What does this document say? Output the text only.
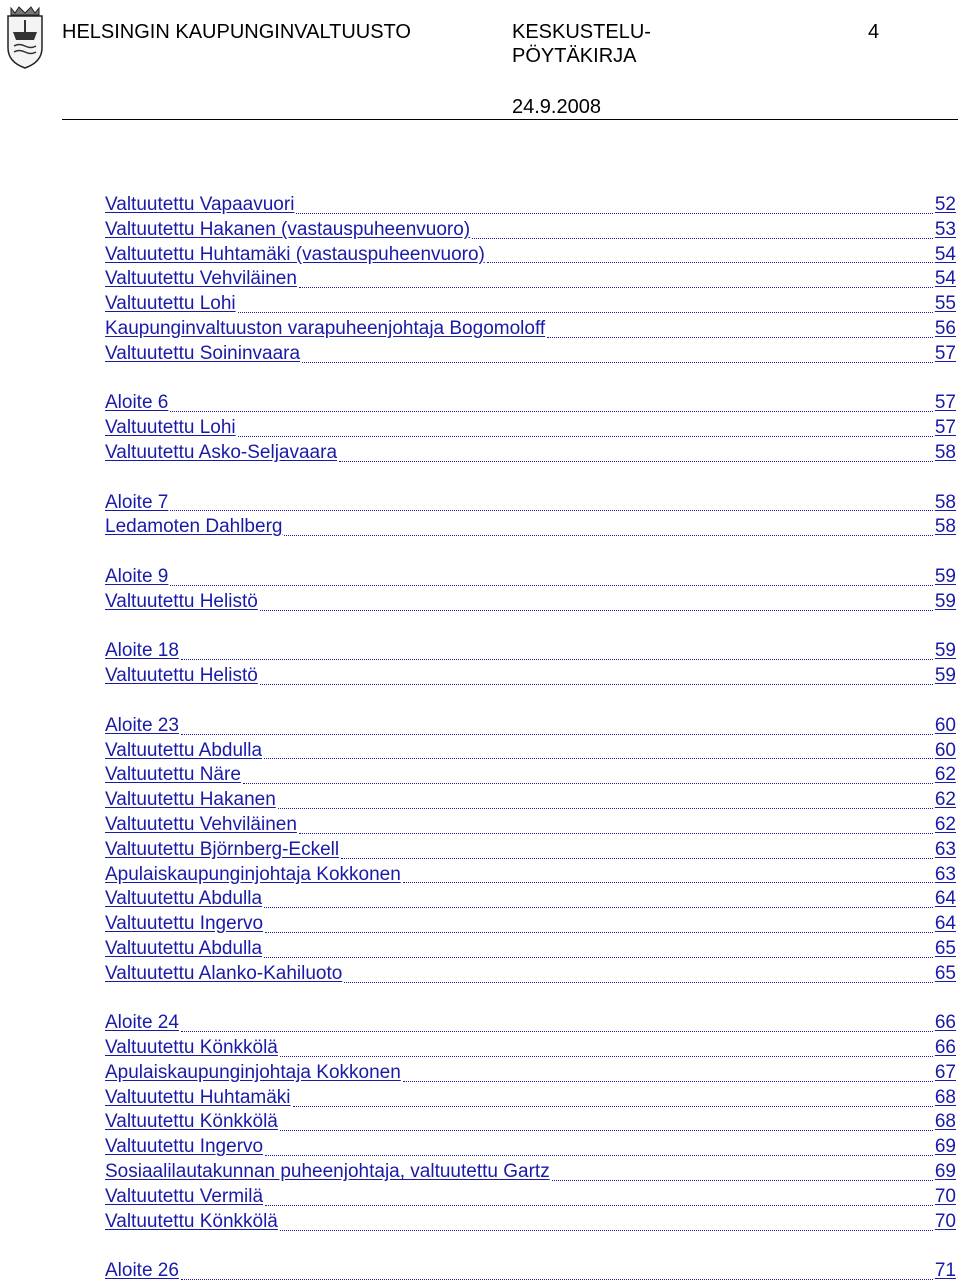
HELSINGIN KAUPUNGINVALTUUSTO	KESKUSTELU-
PÖYTÄKIRJA
4
24.9.2008
Valtuutettu Vapaavuori	52
Valtuutettu Hakanen (vastauspuheenvuoro)	53
Valtuutettu Huhtamäki (vastauspuheenvuoro)	54
Valtuutettu Vehviläinen	54
Valtuutettu Lohi	55
Kaupunginvaltuuston varapuheenjohtaja Bogomoloff	56
Valtuutettu Soininvaara	57
Aloite 6	57
Valtuutettu Lohi	57
Valtuutettu Asko-Seljavaara	58
Aloite 7	58
Ledamoten Dahlberg	58
Aloite 9	59
Valtuutettu Helistö	59
Aloite 18	59
Valtuutettu Helistö	59
Aloite 23	60
Valtuutettu Abdulla	60
Valtuutettu Näre	62
Valtuutettu Hakanen	62
Valtuutettu Vehviläinen	62
Valtuutettu Björnberg-Eckell	63
Apulaiskaupunginjohtaja Kokkonen	63
Valtuutettu Abdulla	64
Valtuutettu Ingervo	64
Valtuutettu Abdulla	65
Valtuutettu Alanko-Kahiluoto	65
Aloite 24	66
Valtuutettu Könkkölä	66
Apulaiskaupunginjohtaja Kokkonen	67
Valtuutettu Huhtamäki	68
Valtuutettu Könkkölä	68
Valtuutettu Ingervo	69
Sosiaalilautakunnan puheenjohtaja, valtuutettu Gartz	69
Valtuutettu Vermilä	70
Valtuutettu Könkkölä	70
Aloite 26	71
